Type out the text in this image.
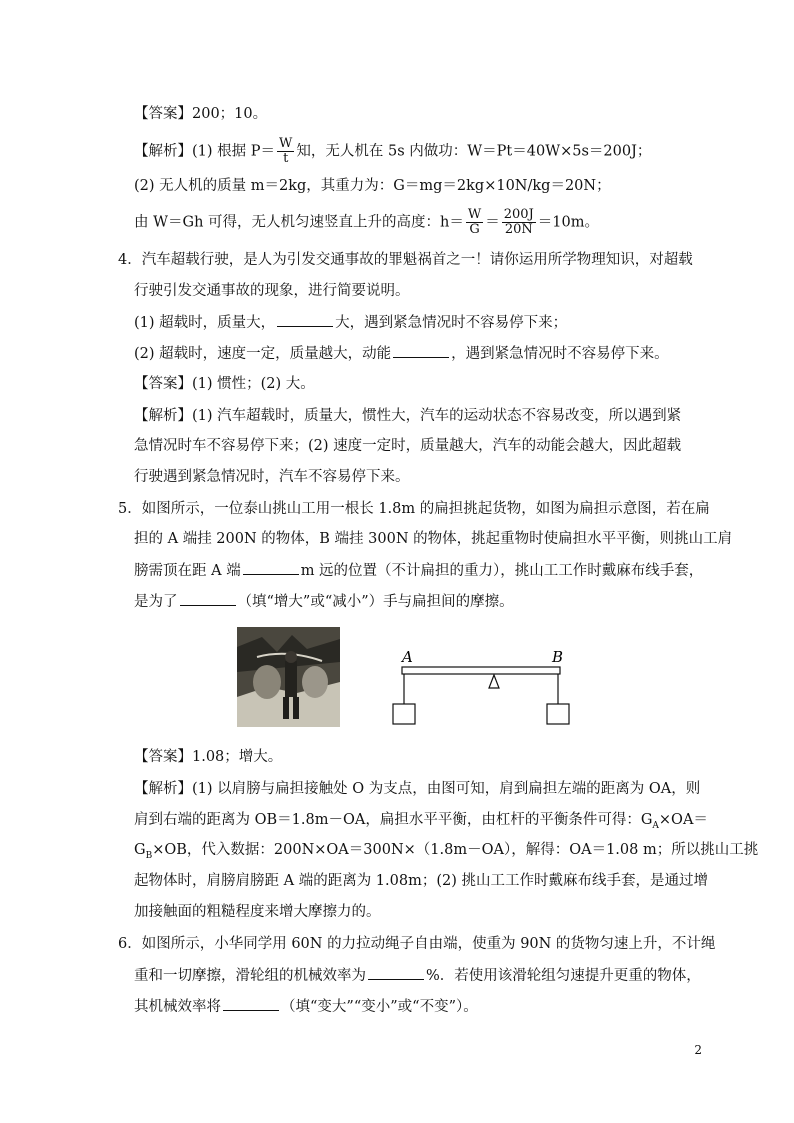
【答案】200；10。
【解析】(1) 根据 $P= \frac{W}{t}$ 知，无人机在 5s 内做功：W＝Pt＝40W×5s＝200J；
(2) 无人机的质量 m＝2kg，其重力为：G＝mg＝2kg×10N/kg＝20N；
由 W＝Gh 可得，无人机匀速竖直上升的高度：$h= \frac{W}{G} = \frac{200J}{20N} =10m$。
4．汽车超载行驶，是人为引发交通事故的罪魁祸首之一！请你运用所学物理知识，对超载
行驶引发交通事故的现象，进行简要说明。
(1) 超载时，质量大，	大，遇到紧急情况时不容易停下来；
(2) 超载时，速度一定，质量越大，动能	，遇到紧急情况时不容易停下来。
【答案】(1) 惯性；(2) 大。
【解析】(1) 汽车超载时，质量大，惯性大，汽车的运动状态不容易改变，所以遇到紧
急情况时车不容易停下来；(2) 速度一定时，质量越大，汽车的动能会越大，因此超载
行驶遇到紧急情况时，汽车不容易停下来。
5．如图所示，一位泰山挑山工用一根长 1.8m 的扁担挑起货物，如图为扁担示意图，若在扁
担的 A 端挂 200N 的物体，B 端挂 300N 的物体，挑起重物时使扁担水平平衡，则挑山工肩
膀需顶在距 A 端	m 远的位置（不计扁担的重力），挑山工工作时戴麻布线手套，
是为了	（填“增大”或“减小”）手与扁担间的摩擦。
A	B
【答案】1.08；增大。
【解析】(1) 以肩膀与扁担接触处 O 为支点，由图可知，肩到扁担左端的距离为 OA，则
肩到右端的距离为 OB＝1.8m－OA，扁担水平平衡，由杠杆的平衡条件可得：$G_A\times OA=$
$G_B\times OB$，代入数据：200N×OA＝300N×（1.8m－OA），解得：OA＝1.08 m；所以挑山工挑
起物体时，肩膀肩膀距 A 端的距离为 1.08m；(2) 挑山工工作时戴麻布线手套，是通过增
加接触面的粗糙程度来增大摩擦力的。
6．如图所示，小华同学用 60N 的力拉动绳子自由端，使重为 90N 的货物匀速上升，不计绳
重和一切摩擦，滑轮组的机械效率为	%．若使用该滑轮组匀速提升更重的物体，
其机械效率将	（填“变大”“变小”或“不变”）。
2
